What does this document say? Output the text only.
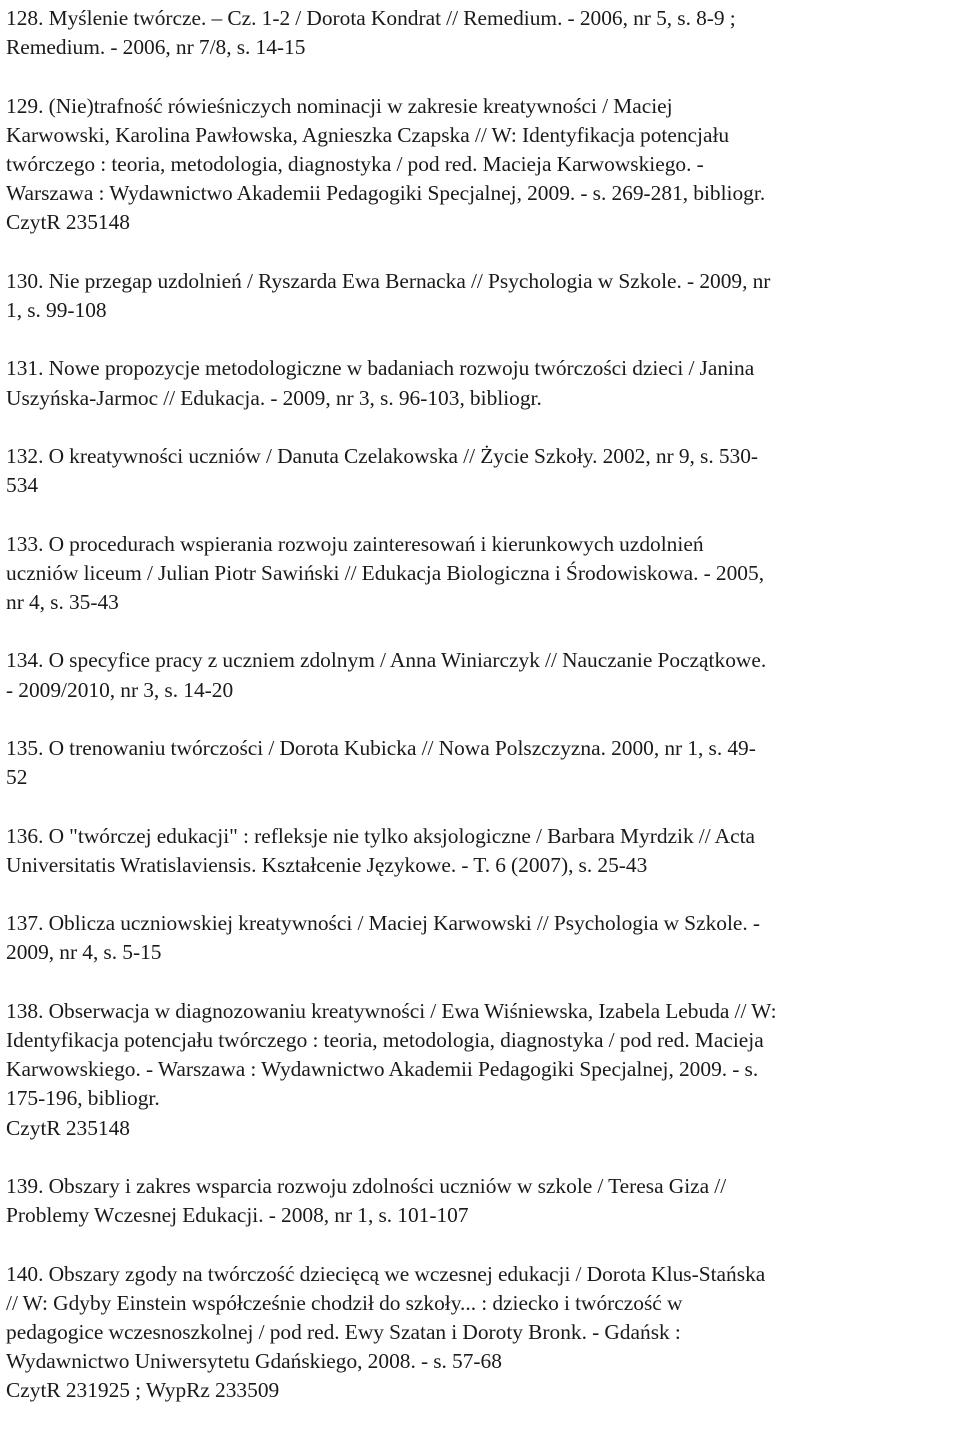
128. Myślenie twórcze. – Cz. 1-2 / Dorota Kondrat // Remedium. - 2006, nr 5, s. 8-9 ;
Remedium. - 2006, nr 7/8, s. 14-15
129. (Nie)trafność rówieśniczych nominacji w zakresie kreatywności / Maciej
Karwowski, Karolina Pawłowska, Agnieszka Czapska // W: Identyfikacja potencjału
twórczego : teoria, metodologia, diagnostyka / pod red. Macieja Karwowskiego. -
Warszawa : Wydawnictwo Akademii Pedagogiki Specjalnej, 2009. - s. 269-281, bibliogr.
CzytR 235148
130. Nie przegap uzdolnień / Ryszarda Ewa Bernacka // Psychologia w Szkole. - 2009, nr
1, s. 99-108
131. Nowe propozycje metodologiczne w badaniach rozwoju twórczości dzieci / Janina
Uszyńska-Jarmoc // Edukacja. - 2009, nr 3, s. 96-103, bibliogr.
132. O kreatywności uczniów / Danuta Czelakowska // Życie Szkoły. 2002, nr 9, s. 530-
534
133. O procedurach wspierania rozwoju zainteresowań i kierunkowych uzdolnień
uczniów liceum / Julian Piotr Sawiński // Edukacja Biologiczna i Środowiskowa. - 2005,
nr 4, s. 35-43
134. O specyfice pracy z uczniem zdolnym / Anna Winiarczyk // Nauczanie Początkowe.
- 2009/2010, nr 3, s. 14-20
135. O trenowaniu twórczości / Dorota Kubicka // Nowa Polszczyzna. 2000, nr 1, s. 49-
52
136. O "twórczej edukacji" : refleksje nie tylko aksjologiczne / Barbara Myrdzik // Acta
Universitatis Wratislaviensis. Kształcenie Językowe. - T. 6 (2007), s. 25-43
137. Oblicza uczniowskiej kreatywności / Maciej Karwowski // Psychologia w Szkole. -
2009, nr 4, s. 5-15
138. Obserwacja w diagnozowaniu kreatywności / Ewa Wiśniewska, Izabela Lebuda // W:
Identyfikacja potencjału twórczego : teoria, metodologia, diagnostyka / pod red. Macieja
Karwowskiego. - Warszawa : Wydawnictwo Akademii Pedagogiki Specjalnej, 2009. - s.
175-196, bibliogr.
CzytR 235148
139. Obszary i zakres wsparcia rozwoju zdolności uczniów w szkole / Teresa Giza //
Problemy Wczesnej Edukacji. - 2008, nr 1, s. 101-107
140. Obszary zgody na twórczość dziecięcą we wczesnej edukacji / Dorota Klus-Stańska
// W: Gdyby Einstein współcześnie chodził do szkoły... : dziecko i twórczość w
pedagogice wczesnoszkolnej / pod red. Ewy Szatan i Doroty Bronk. - Gdańsk :
Wydawnictwo Uniwersytetu Gdańskiego, 2008. - s. 57-68
CzytR 231925 ; WypRz 233509
